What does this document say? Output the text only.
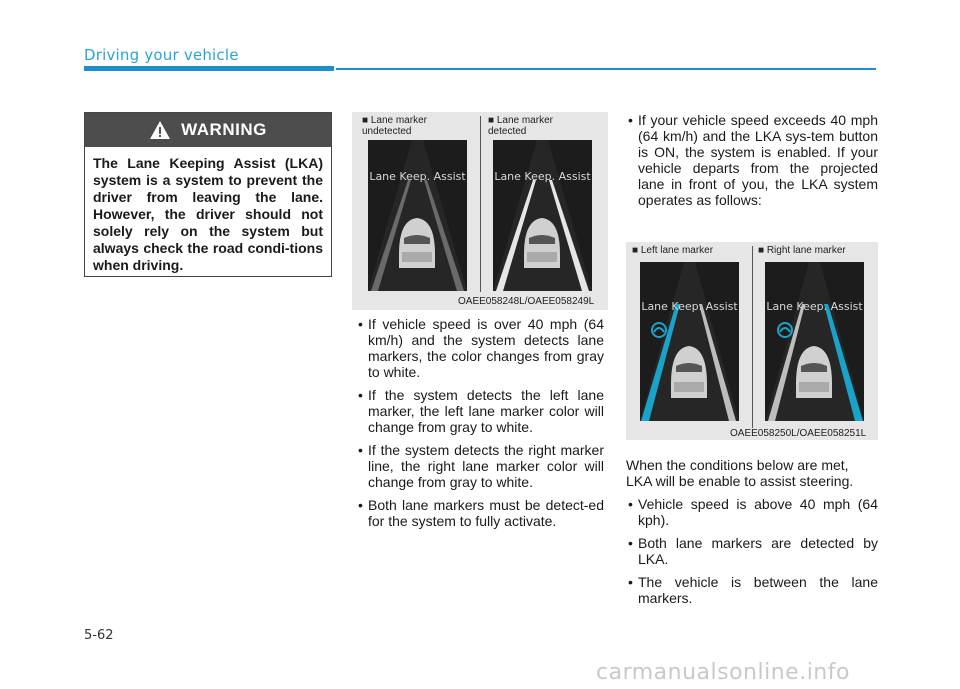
Driving your vehicle
WARNING
The Lane Keeping Assist (LKA) system is a system to prevent the driver from leaving the lane. However, the driver should not solely rely on the system but always check the road condi-tions when driving.
■ Lane marker undetected
■ Lane marker detected
Lane Keep. Assist	Lane Keep. Assist
OAEE058248L/OAEE058249L
• If vehicle speed is over 40 mph (64 km/h) and the system detects lane markers, the color changes from gray to white.
• If the system detects the left lane marker, the left lane marker color will change from gray to white.
• If the system detects the right marker line, the right lane marker color will change from gray to white.
• Both lane markers must be detect-ed for the system to fully activate.
• If your vehicle speed exceeds 40 mph (64 km/h) and the LKA sys-tem button is ON, the system is enabled. If your vehicle departs from the projected lane in front of you, the LKA system operates as follows:
■ Left lane marker	■ Right lane marker
Lane Keep. Assist	Lane Keep. Assist
OAEE058250L/OAEE058251L
When the conditions below are met, LKA will be enable to assist steering.
• Vehicle speed is above 40 mph (64 kph).
• Both lane markers are detected by LKA.
• The vehicle is between the lane markers.
5-62
carmanualsonline.info
